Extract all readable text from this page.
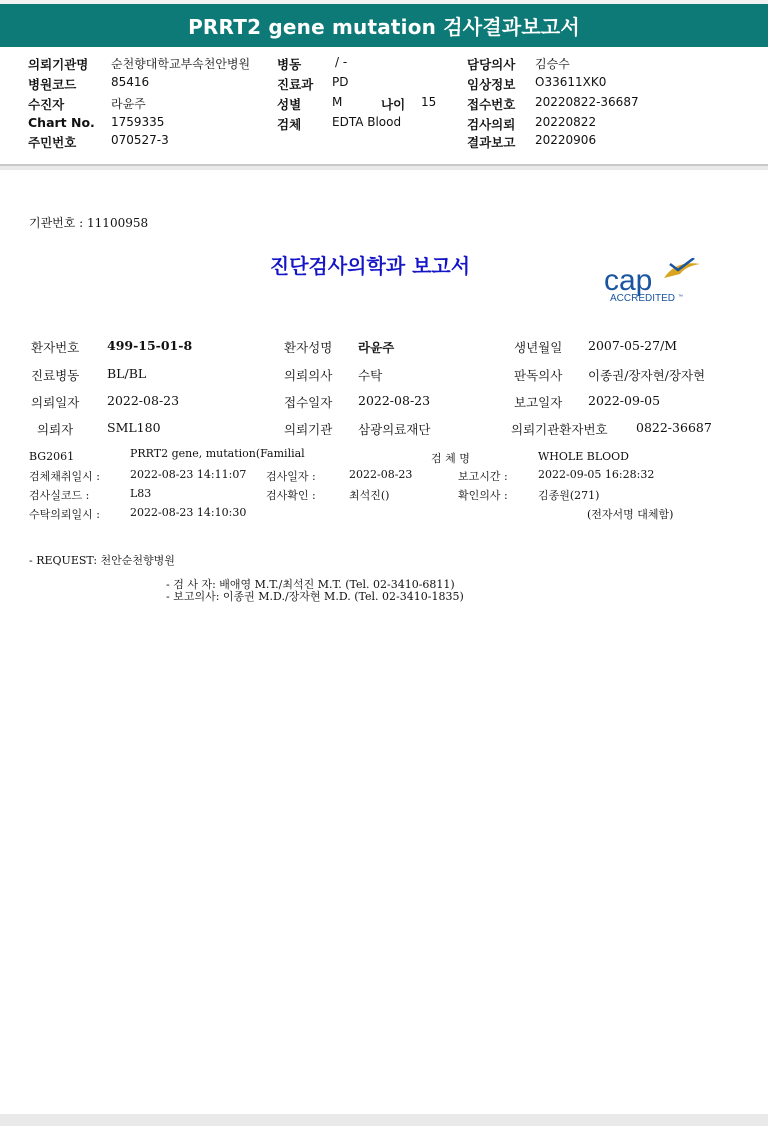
PRRT2 gene mutation 검사결과보고서
의뢰기관명 순천향대학교부속천안병원 병동	/ -	담당의사 김승수
병원코드	85416	진료과 PD	임상정보 O33611XK0
수진자	라윤주	성별	M	나이 15 접수번호 20220822-36687
Chart No. 1759335	검체	EDTA Blood	검사의뢰 20220822
주민번호	070527-3	결과보고 20220906
기관번호 : 11100958
진단검사의학과 보고서	cap
ACCREDITED ™
환자번호 499-15-01-8	환자성명 라윤주	생년월일 2007-05-27/M
진료병동 BL/BL	의뢰의사 수탁	판독의사 이종권/장자현/장자현
의뢰일자 2022-08-23	접수일자 2022-08-23	보고일자 2022-09-05
의뢰자	SML180	의뢰기관 삼광의료재단	의뢰기관환자번호 0822-36687
BG2061	PRRT2 gene, mutation(Familial	검 체 명	WHOLE BLOOD
검체채취일시 :	2022-08-23 14:11:07 검사일자 :	2022-08-23	보고시간 :	2022-09-05 16:28:32
검사실코드 :	L83	검사확인 :	최석진()	확인의사 :	김종원(271)
수탁의뢰일시 :	2022-08-23 14:10:30	(전자서명 대체함)
- REQUEST: 천안순천향병원
- 검 사 자: 배애영 M.T./최석진 M.T. (Tel. 02-3410-6811)
- 보고의사: 이종권 M.D./장자현 M.D. (Tel. 02-3410-1835)
